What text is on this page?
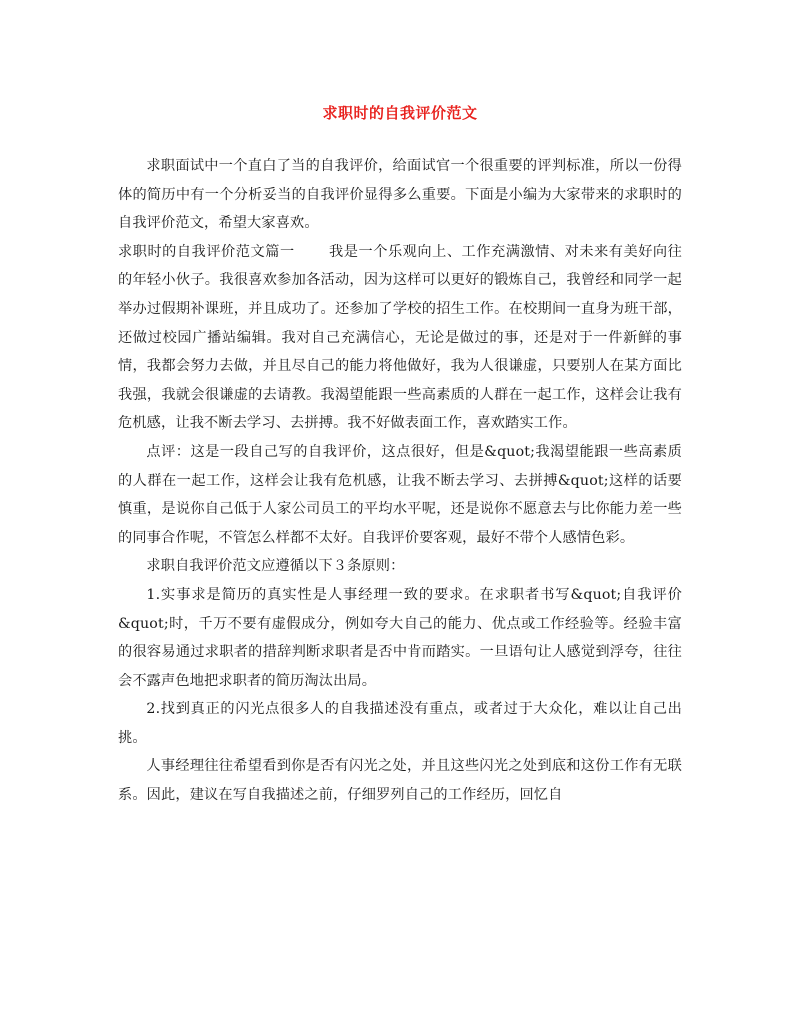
求职时的自我评价范文

求职面试中一个直白了当的自我评价，给面试官一个很重要的评判标准，所以一份得体的简历中有一个分析妥当的自我评价显得多么重要。下面是小编为大家带来的求职时的自我评价范文，希望大家喜欢。

求职时的自我评价范文篇一 我是一个乐观向上、工作充满激情、对未来有美好向往的年轻小伙子。我很喜欢参加各活动，因为这样可以更好的锻炼自己，我曾经和同学一起举办过假期补课班，并且成功了。还参加了学校的招生工作。在校期间一直身为班干部，还做过校园广播站编辑。我对自己充满信心，无论是做过的事，还是对于一件新鲜的事情，我都会努力去做，并且尽自己的能力将他做好，我为人很谦虚，只要别人在某方面比我强，我就会很谦虚的去请教。我渴望能跟一些高素质的人群在一起工作，这样会让我有危机感，让我不断去学习、去拼搏。我不好做表面工作，喜欢踏实工作。

点评：这是一段自己写的自我评价，这点很好，但是&quot;我渴望能跟一些高素质的人群在一起工作，这样会让我有危机感，让我不断去学习、去拼搏&quot;这样的话要慎重，是说你自己低于人家公司员工的平均水平呢，还是说你不愿意去与比你能力差一些的同事合作呢，不管怎么样都不太好。自我评价要客观，最好不带个人感情色彩。

求职自我评价范文应遵循以下３条原则：

1.实事求是简历的真实性是人事经理一致的要求。在求职者书写&quot;自我评价&quot;时，千万不要有虚假成分，例如夸大自己的能力、优点或工作经验等。经验丰富的很容易通过求职者的措辞判断求职者是否中肯而踏实。一旦语句让人感觉到浮夸，往往会不露声色地把求职者的简历淘汰出局。

2.找到真正的闪光点很多人的自我描述没有重点，或者过于大众化，难以让自己出挑。

人事经理往往希望看到你是否有闪光之处，并且这些闪光之处到底和这份工作有无联系。因此，建议在写自我描述之前，仔细罗列自己的工作经历，回忆自
